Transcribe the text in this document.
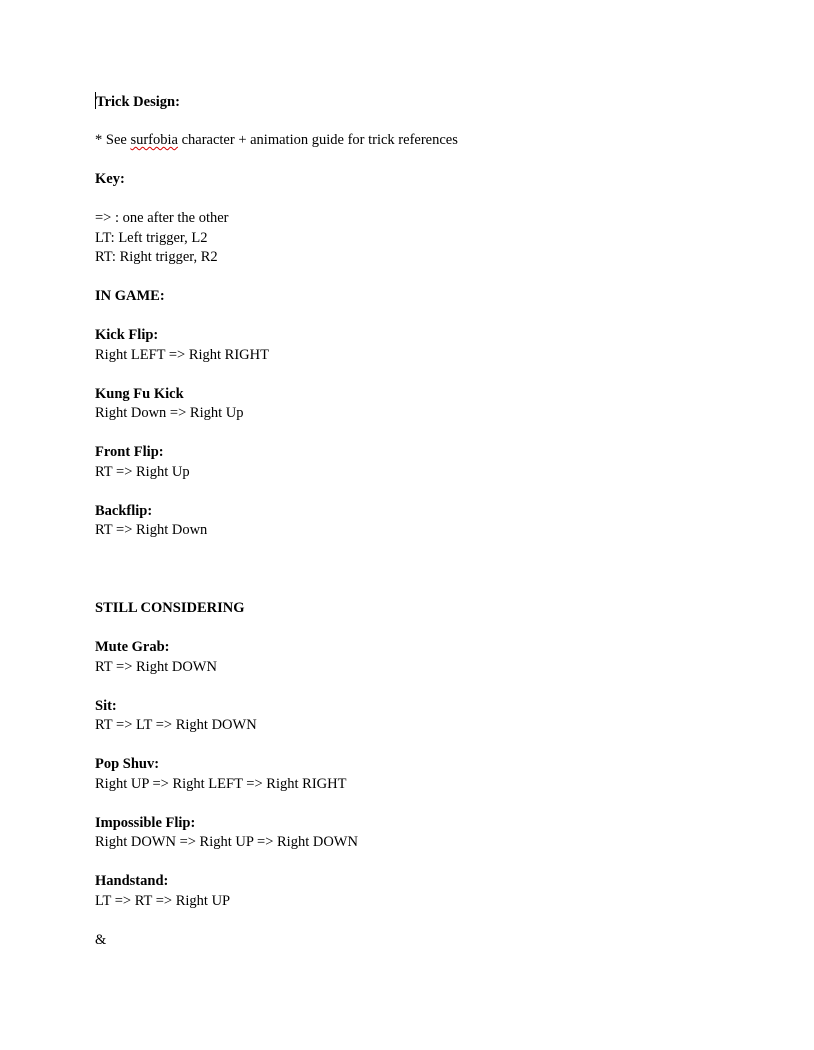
Trick Design:
* See surfobia character + animation guide for trick references
Key:
=> : one after the other
LT: Left trigger, L2
RT: Right trigger, R2
IN GAME:
Kick Flip:
Right LEFT => Right RIGHT
Kung Fu Kick
Right Down => Right Up
Front Flip:
RT => Right Up
Backflip:
RT => Right Down
STILL CONSIDERING
Mute Grab:
RT => Right DOWN
Sit:
RT => LT => Right DOWN
Pop Shuv:
Right UP => Right LEFT => Right RIGHT
Impossible Flip:
Right DOWN => Right UP => Right DOWN
Handstand:
LT => RT => Right UP
&
